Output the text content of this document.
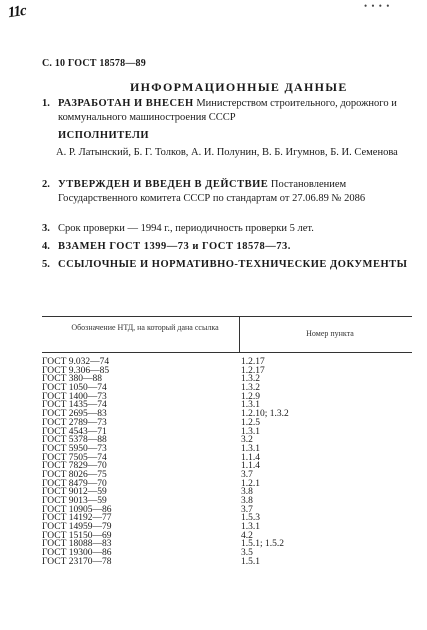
11c	• • • •
С. 10 ГОСТ 18578—89
ИНФОРМАЦИОННЫЕ ДАННЫЕ
1. РАЗРАБОТАН И ВНЕСЕН Министерством строительного, дорожного и коммунального машиностроения СССР
ИСПОЛНИТЕЛИ
А. Р. Латынский, Б. Г. Толков, А. И. Полунин, В. Б. Игумнов, Б. И. Семенова
2. УТВЕРЖДЕН И ВВЕДЕН В ДЕЙСТВИЕ Постановлением Государственного комитета СССР по стандартам от 27.06.89 № 2086
3. Срок проверки — 1994 г., периодичность проверки 5 лет.
4. ВЗАМЕН ГОСТ 1399—73 и ГОСТ 18578—73.
5. ССЫЛОЧНЫЕ И НОРМАТИВНО-ТЕХНИЧЕСКИЕ ДОКУМЕНТЫ
Обозначение НТД, на который дана ссылка
Номер пункта
ГОСТ 9.032—74	1.2.17
ГОСТ 9.306—85	1.2.17
ГОСТ 380—88	1.3.2
ГОСТ 1050—74	1.3.2
ГОСТ 1400—73	1.2.9
ГОСТ 1435—74	1.3.1
ГОСТ 2695—83	1.2.10; 1.3.2
ГОСТ 2789—73	1.2.5
ГОСТ 4543—71	1.3.1
ГОСТ 5378—88	3.2
ГОСТ 5950—73	1.3.1
ГОСТ 7505—74	1.1.4
ГОСТ 7829—70	1.1.4
ГОСТ 8026—75	3.7
ГОСТ 8479—70	1.2.1
ГОСТ 9012—59	3.8
ГОСТ 9013—59	3.8
ГОСТ 10905—86	3.7
ГОСТ 14192—77	1.5.3
ГОСТ 14959—79	1.3.1
ГОСТ 15150—69	4.2
ГОСТ 18088—83	1.5.1; 1.5.2
ГОСТ 19300—86	3.5
ГОСТ 23170—78	1.5.1
